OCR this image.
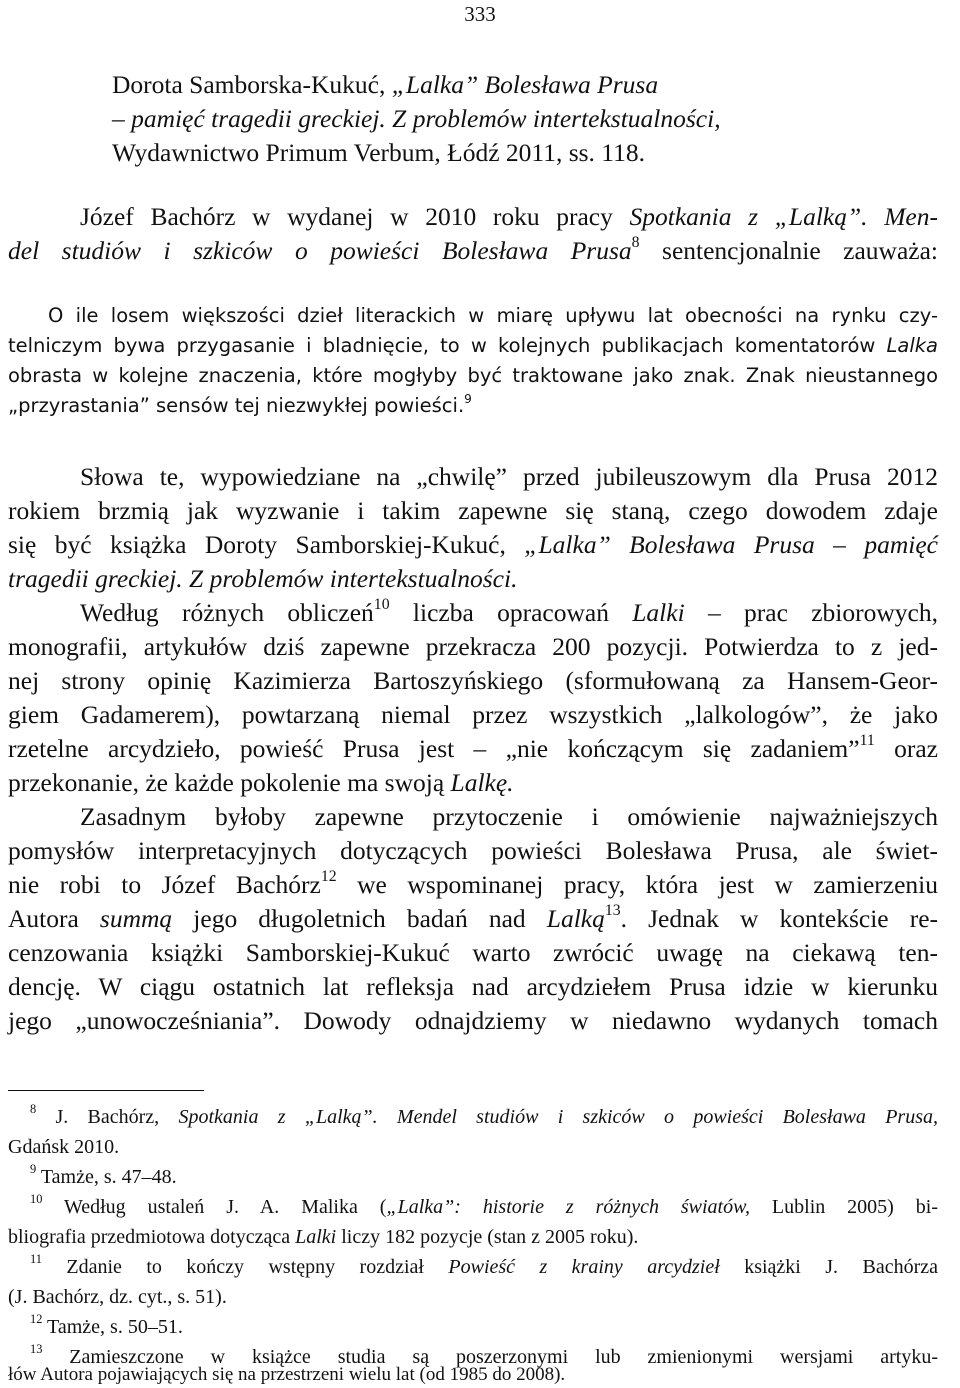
333
Dorota Samborska-Kukuć, „Lalka” Bolesława Prusa
– pamięć tragedii greckiej. Z problemów intertekstualności,
Wydawnictwo Primum Verbum, Łódź 2011, ss. 118.
Józef Bachórz w wydanej w 2010 roku pracy Spotkania z „Lalką”. Men-
del studiów i szkiców o powieści Bolesława Prusa$^8$ sentencjonalnie zauważa:
O ile losem większości dzieł literackich w miarę upływu lat obecności na rynku czy-
telniczym bywa przygasanie i bladnięcie, to w kolejnych publikacjach komentatorów Lalka
obrasta w kolejne znaczenia, które mogłyby być traktowane jako znak. Znak nieustannego
„przyrastania” sensów tej niezwykłej powieści.$^9$
Słowa te, wypowiedziane na „chwilę” przed jubileuszowym dla Prusa 2012
rokiem brzmią jak wyzwanie i takim zapewne się staną, czego dowodem zdaje
się być książka Doroty Samborskiej-Kukuć, „Lalka” Bolesława Prusa – pamięć
tragedii greckiej. Z problemów intertekstualności.
Według różnych obliczeń$^{10}$ liczba opracowań Lalki – prac zbiorowych,
monografii, artykułów dziś zapewne przekracza 200 pozycji. Potwierdza to z jed-
nej strony opinię Kazimierza Bartoszyńskiego (sformułowaną za Hansem-Geor-
giem Gadamerem), powtarzaną niemal przez wszystkich „lalkologów”, że jako
rzetelne arcydzieło, powieść Prusa jest – „nie kończącym się zadaniem”$^{11}$ oraz
przekonanie, że każde pokolenie ma swoją Lalkę.
Zasadnym byłoby zapewne przytoczenie i omówienie najważniejszych
pomysłów interpretacyjnych dotyczących powieści Bolesława Prusa, ale świet-
nie robi to Józef Bachórz$^{12}$ we wspominanej pracy, która jest w zamierzeniu
Autora summą jego długoletnich badań nad Lalką$^{13}$. Jednak w kontekście re-
cenzowania książki Samborskiej-Kukuć warto zwrócić uwagę na ciekawą ten-
dencję. W ciągu ostatnich lat refleksja nad arcydziełem Prusa idzie w kierunku
jego „unowocześniania”. Dowody odnajdziemy w niedawno wydanych tomach
$^8$ J. Bachórz, Spotkania z „Lalką”. Mendel studiów i szkiców o powieści Bolesława Prusa,
Gdańsk 2010.
$^9$ Tamże, s. 47–48.
$^{10}$ Według ustaleń J. A. Malika („Lalka”: historie z różnych światów, Lublin 2005) bi-
bliografia przedmiotowa dotycząca Lalki liczy 182 pozycje (stan z 2005 roku).
$^{11}$ Zdanie to kończy wstępny rozdział Powieść z krainy arcydzieł książki J. Bachórza
(J. Bachórz, dz. cyt., s. 51).
$^{12}$ Tamże, s. 50–51.
$^{13}$ Zamieszczone w książce studia są poszerzonymi lub zmienionymi wersjami artyku-
łów Autora pojawiających się na przestrzeni wielu lat (od 1985 do 2008).
